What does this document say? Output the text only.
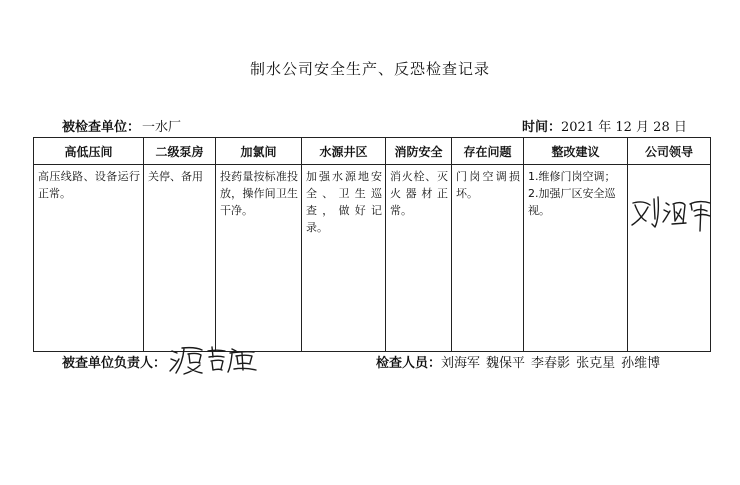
制水公司安全生产、反恐检查记录
被检查单位： 一水厂	时间：2021 年 12 月 28 日
高低压间	二级泵房	加氯间	水源井区	消防安全	存在问题	整改建议	公司领导
高压线路、设备运行正常。	关停、备用	投药量按标准投放，操作间卫生干净。	加强水源地安全、卫生巡查，做好记录。	消火栓、灭火器材正常。	门岗空调损坏。	1.维修门岗空调；
2.加强厂区安全巡视。	
被查单位负责人：	检查人员：刘海军 魏保平 李春影 张克星 孙维博
